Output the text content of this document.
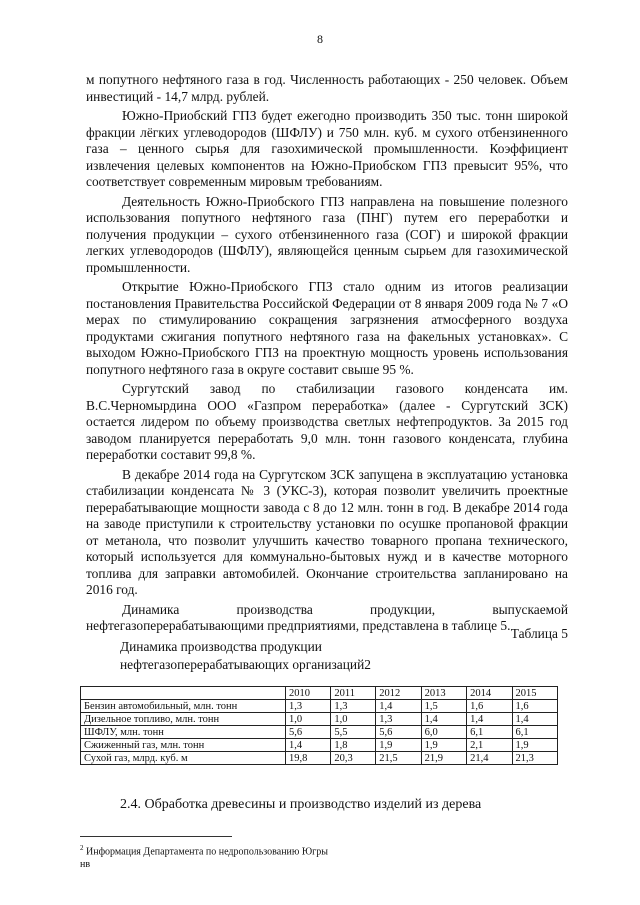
8

м попутного нефтяного газа в год. Численность работающих - 250 человек. Объем инвестиций - 14,7 млрд. рублей.

Южно-Приобский ГПЗ будет ежегодно производить 350 тыс. тонн широкой фракции лёгких углеводородов (ШФЛУ) и 750 млн. куб. м сухого отбензиненного газа – ценного сырья для газохимической промышленности. Коэффициент извлечения целевых компонентов на Южно-Приобском ГПЗ превысит 95%, что соответствует современным мировым требованиям.

Деятельность Южно-Приобского ГПЗ направлена на повышение полезного использования попутного нефтяного газа (ПНГ) путем его переработки и получения продукции – сухого отбензиненного газа (СОГ) и широкой фракции легких углеводородов (ШФЛУ), являющейся ценным сырьем для газохимической промышленности.

Открытие Южно-Приобского ГПЗ стало одним из итогов реализации постановления Правительства Российской Федерации от 8 января 2009 года № 7 «О мерах по стимулированию сокращения загрязнения атмосферного воздуха продуктами сжигания попутного нефтяного газа на факельных установках». С выходом Южно-Приобского ГПЗ на проектную мощность уровень использования попутного нефтяного газа в округе составит свыше 95 %.

Сургутский завод по стабилизации газового конденсата им. В.С.Черномырдина ООО «Газпром переработка» (далее - Сургутский ЗСК) остается лидером по объему производства светлых нефтепродуктов. За 2015 год заводом планируется переработать 9,0 млн. тонн газового конденсата, глубина переработки составит 99,8 %.

В декабре 2014 года на Сургутском ЗСК запущена в эксплуатацию установка стабилизации конденсата № 3 (УКС-3), которая позволит увеличить проектные перерабатывающие мощности завода с 8 до 12 млн. тонн в год. В декабре 2014 года на заводе приступили к строительству установки по осушке пропановой фракции от метанола, что позволит улучшить качество товарного пропана технического, который используется для коммунально-бытовых нужд и в качестве моторного топлива для заправки автомобилей. Окончание строительства запланировано на 2016 год.

Динамика производства продукции, выпускаемой нефтегазоперерабатывающими предприятиями, представлена в таблице 5.

Таблица 5
Динамика производства продукции
нефтегазоперерабатывающих организаций2
	2010	2011	2012	2013	2014	2015
Бензин автомобильный, млн. тонн	1,3	1,3	1,4	1,5	1,6	1,6
Дизельное топливо, млн. тонн	1,0	1,0	1,3	1,4	1,4	1,4
ШФЛУ, млн. тонн	5,6	5,5	5,6	6,0	6,1	6,1
Сжиженный газ, млн. тонн	1,4	1,8	1,9	1,9	2,1	1,9
Сухой газ, млрд. куб. м	19,8	20,3	21,5	21,9	21,4	21,3
2.4. Обработка древесины и производство изделий из дерева
$^2$ Информация Департамента по недропользованию Югры
нв
